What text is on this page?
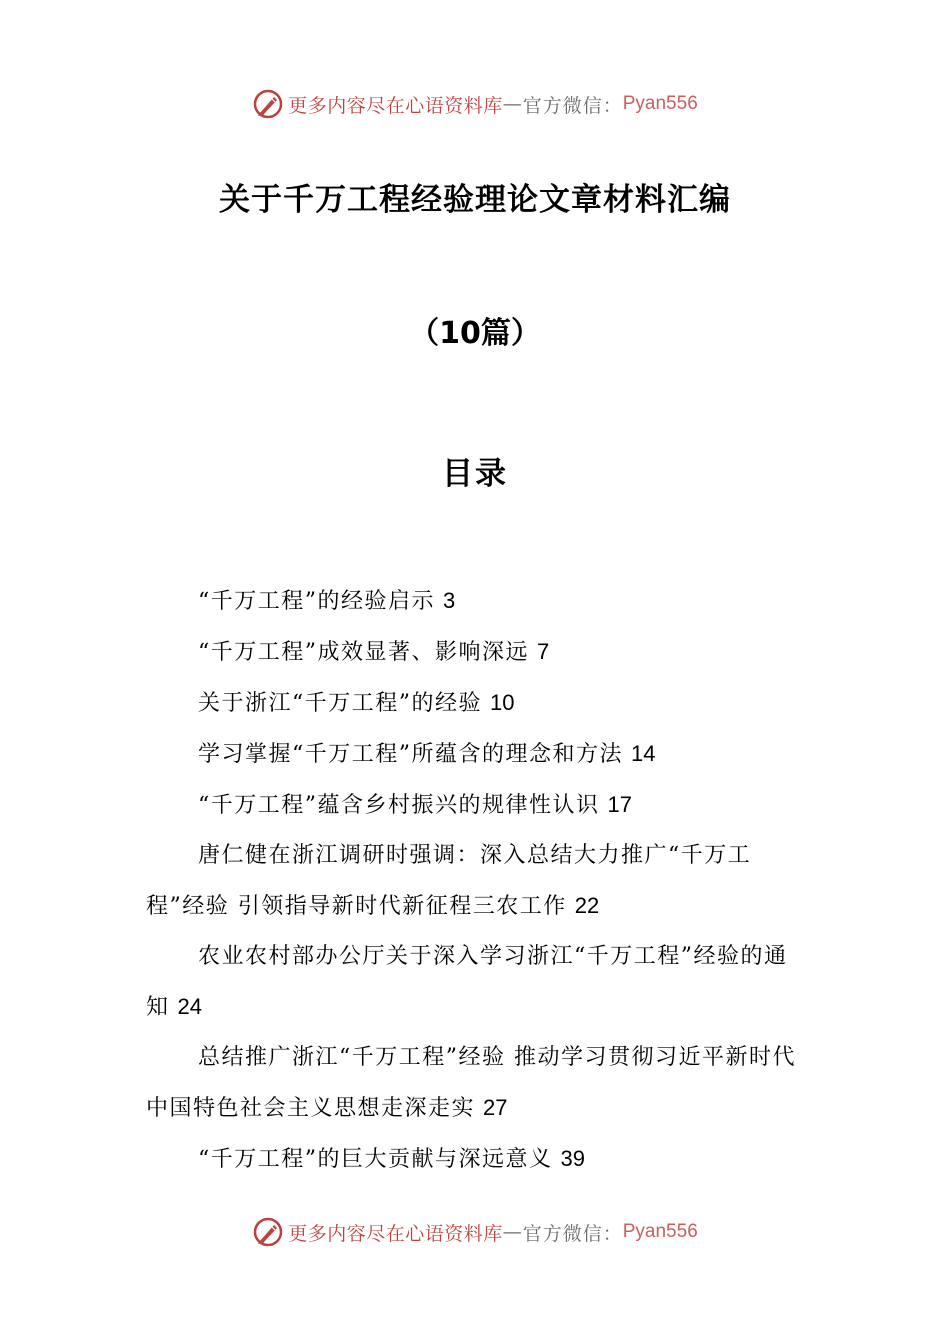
更多内容尽在心语资料库 — 官方微信： Pyan556
关于千万工程经验理论文章材料汇编
（10篇）
目录

“千万工程”的经验启示 3

“千万工程”成效显著、影响深远 7

关于浙江“千万工程”的经验 10

学习掌握“千万工程”所蕴含的理念和方法 14

“千万工程”蕴含乡村振兴的规律性认识 17

唐仁健在浙江调研时强调：深入总结大力推广“千万工程”经验 引领指导新时代新征程三农工作 22

农业农村部办公厅关于深入学习浙江“千万工程”经验的通知 24

总结推广浙江“千万工程”经验 推动学习贯彻习近平新时代中国特色社会主义思想走深走实 27

“千万工程”的巨大贡献与深远意义 39

更多内容尽在心语资料库 — 官方微信： Pyan556
